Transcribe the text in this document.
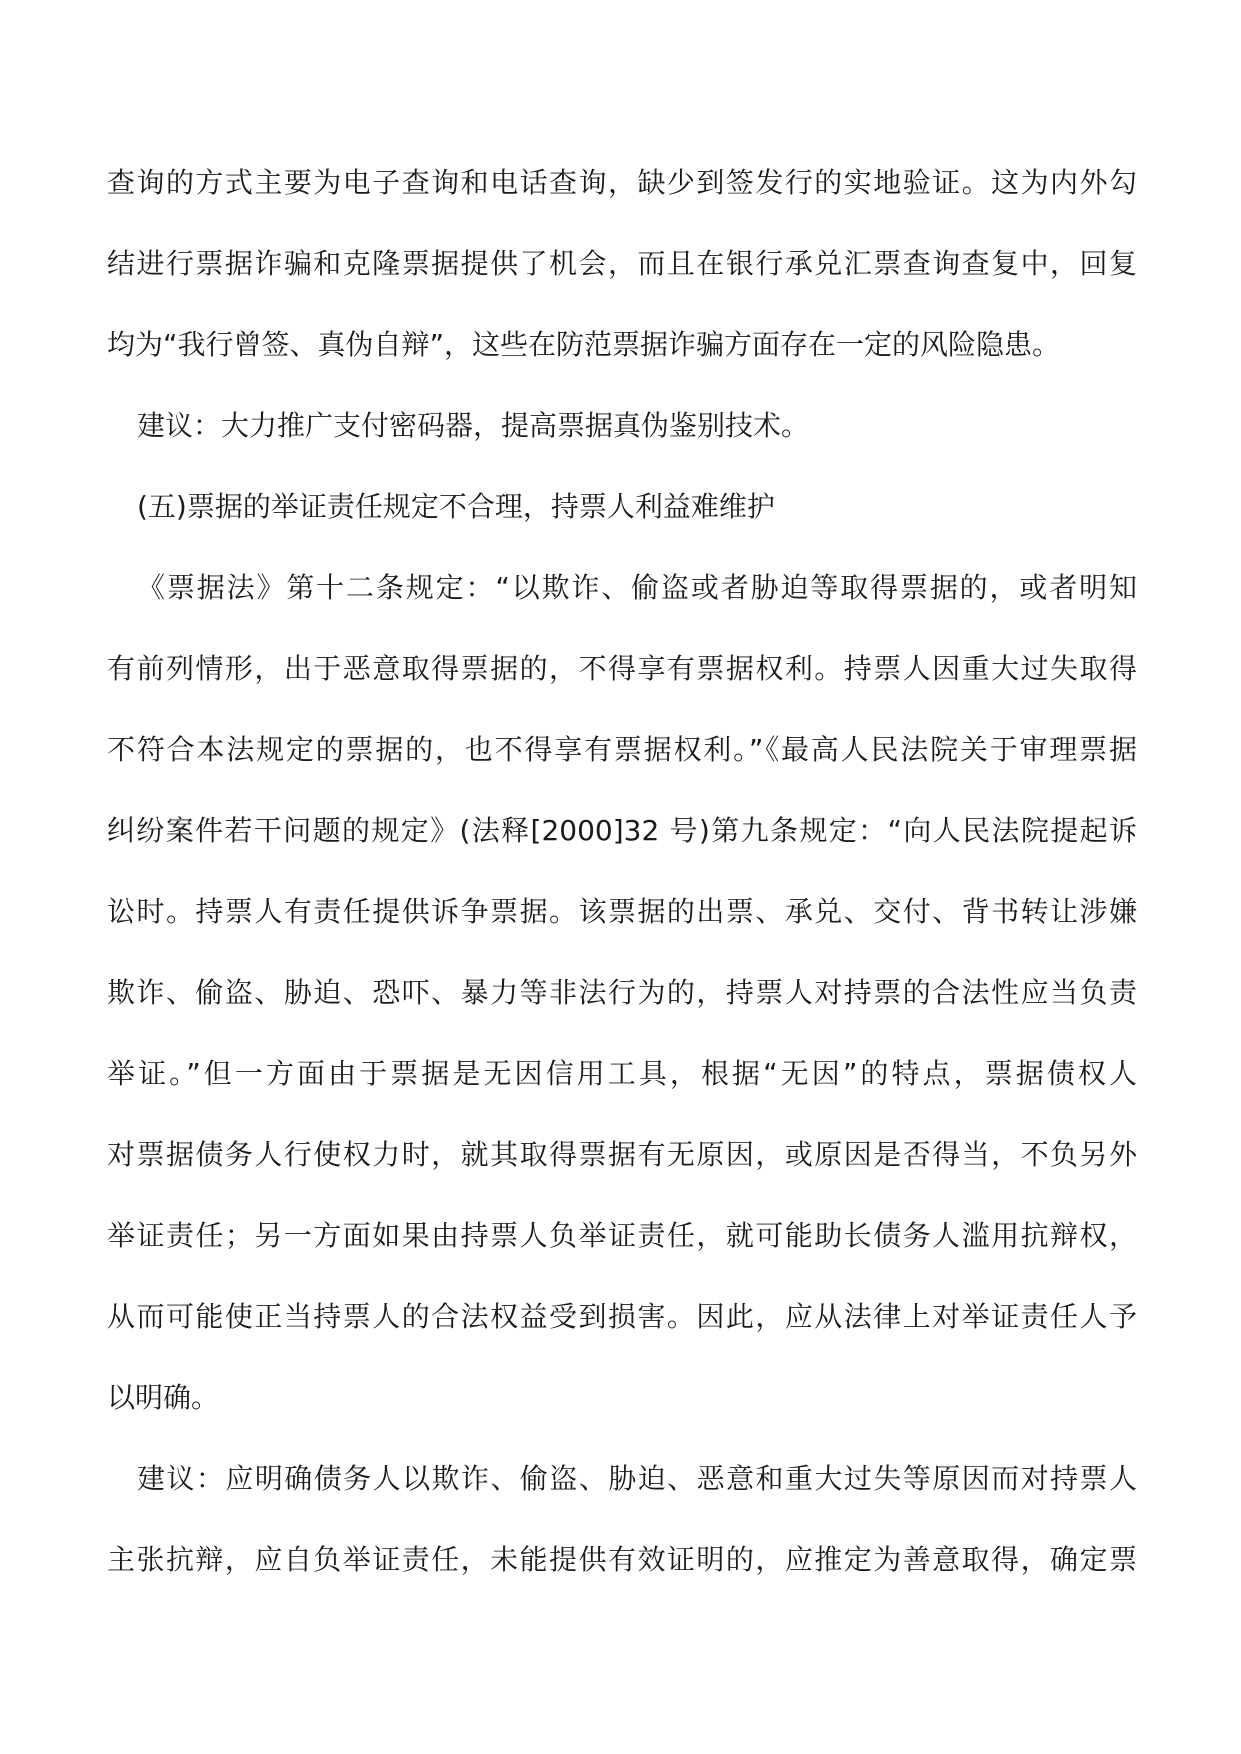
查询的方式主要为电子查询和电话查询，缺少到签发行的实地验证。这为内外勾
结进行票据诈骗和克隆票据提供了机会，而且在银行承兑汇票查询查复中，回复
均为“我行曾签、真伪自辩”，这些在防范票据诈骗方面存在一定的风险隐患。
建议：大力推广支付密码器，提高票据真伪鉴别技术。
(五)票据的举证责任规定不合理，持票人利益难维护
《票据法》第十二条规定：“以欺诈、偷盗或者胁迫等取得票据的，或者明知
有前列情形，出于恶意取得票据的，不得享有票据权利。持票人因重大过失取得
不符合本法规定的票据的，也不得享有票据权利。”《最高人民法院关于审理票据
纠纷案件若干问题的规定》(法释[2000]32 号)第九条规定：“向人民法院提起诉
讼时。持票人有责任提供诉争票据。该票据的出票、承兑、交付、背书转让涉嫌
欺诈、偷盗、胁迫、恐吓、暴力等非法行为的，持票人对持票的合法性应当负责
举证。”但一方面由于票据是无因信用工具，根据“无因”的特点，票据债权人
对票据债务人行使权力时，就其取得票据有无原因，或原因是否得当，不负另外
举证责任；另一方面如果由持票人负举证责任，就可能助长债务人滥用抗辩权，
从而可能使正当持票人的合法权益受到损害。因此，应从法律上对举证责任人予
以明确。
建议：应明确债务人以欺诈、偷盗、胁迫、恶意和重大过失等原因而对持票人
主张抗辩，应自负举证责任，未能提供有效证明的，应推定为善意取得，确定票
